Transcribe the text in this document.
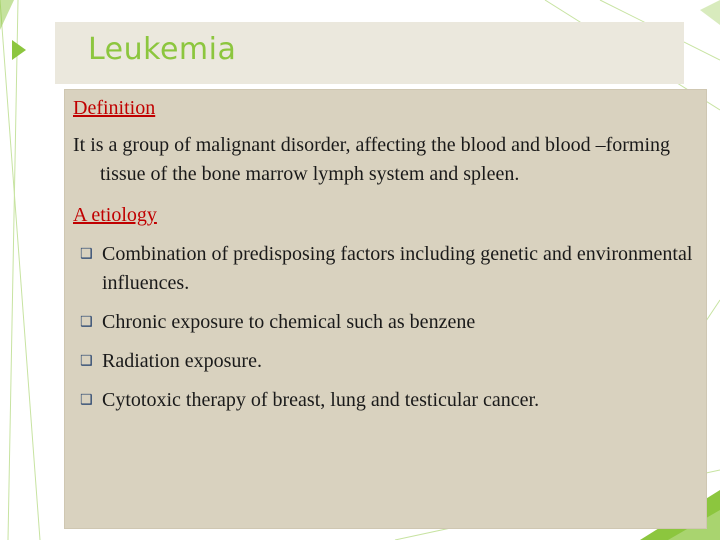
Leukemia
Definition

It is a group of malignant disorder, affecting the blood and blood –forming tissue of the bone marrow lymph system and spleen.

A etiology
❑ Combination of predisposing factors including genetic and environmental influences.
❑ Chronic exposure to chemical such as benzene
❑ Radiation exposure.
❑ Cytotoxic therapy of breast, lung and testicular cancer.
